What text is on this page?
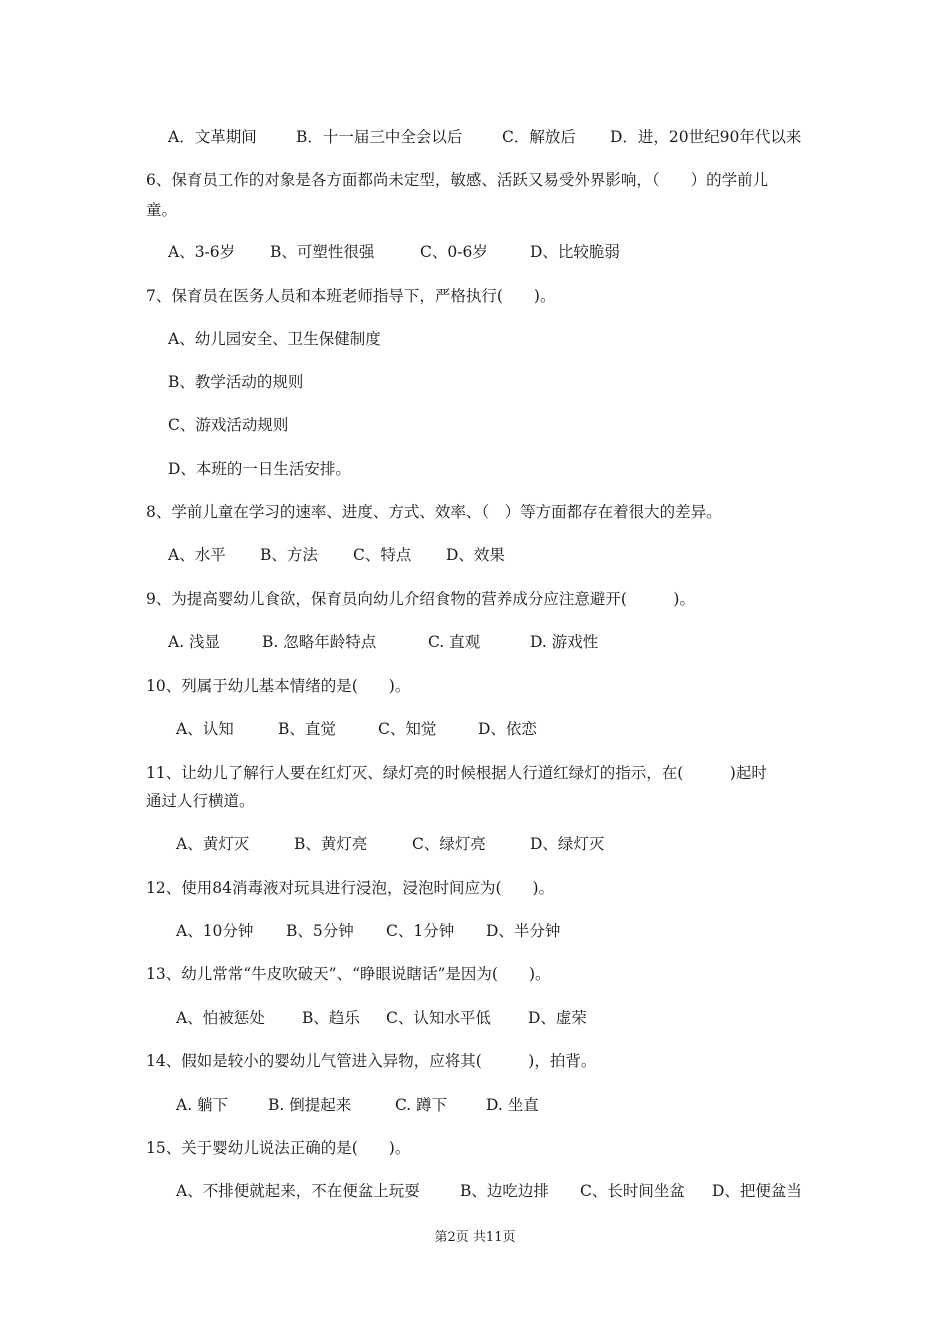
A．文革期间	B．十一届三中全会以后	C．解放后 D．进，20世纪90年代以来
6、保育员工作的对象是各方面都尚未定型，敏感、活跃又易受外界影响，（　　）的学前儿
童。
A、3-6岁 B、可塑性很强	C、0-6岁	D、比较脆弱
7、保育员在医务人员和本班老师指导下，严格执行(　　)。
A、幼儿园安全、卫生保健制度
B、教学活动的规则
C、游戏活动规则
D、本班的一日生活安排。
8、学前儿童在学习的速率、进度、方式、效率、（　）等方面都存在着很大的差异。
A、水平 B、方法 C、特点 D、效果
9、为提高婴幼儿食欲，保育员向幼儿介绍食物的营养成分应注意避开(　　　)。
A. 浅显	B. 忽略年龄特点	C. 直观	D. 游戏性
10、列属于幼儿基本情绪的是(　　)。
A、认知	B、直觉	C、知觉	D、依恋
11、让幼儿了解行人要在红灯灭、绿灯亮的时候根据人行道红绿灯的指示，在(　　　)起时
通过人行横道。
A、黄灯灭	B、黄灯亮	C、绿灯亮	D、绿灯灭
12、使用84消毒液对玩具进行浸泡，浸泡时间应为(　　)。
A、10分钟 B、5分钟 C、1分钟 D、半分钟
13、幼儿常常“牛皮吹破天”、“睁眼说瞎话”是因为(　　)。
A、怕被惩处 B、趋乐 C、认知水平低 D、虚荣
14、假如是较小的婴幼儿气管进入异物，应将其(　　　)，拍背。
A. 躺下	B. 倒提起来	C. 蹲下	D. 坐直
15、关于婴幼儿说法正确的是(　　)。
A、不排便就起来，不在便盆上玩耍	B、边吃边排 C、长时间坐盆 D、把便盆当
第2页 共11页
